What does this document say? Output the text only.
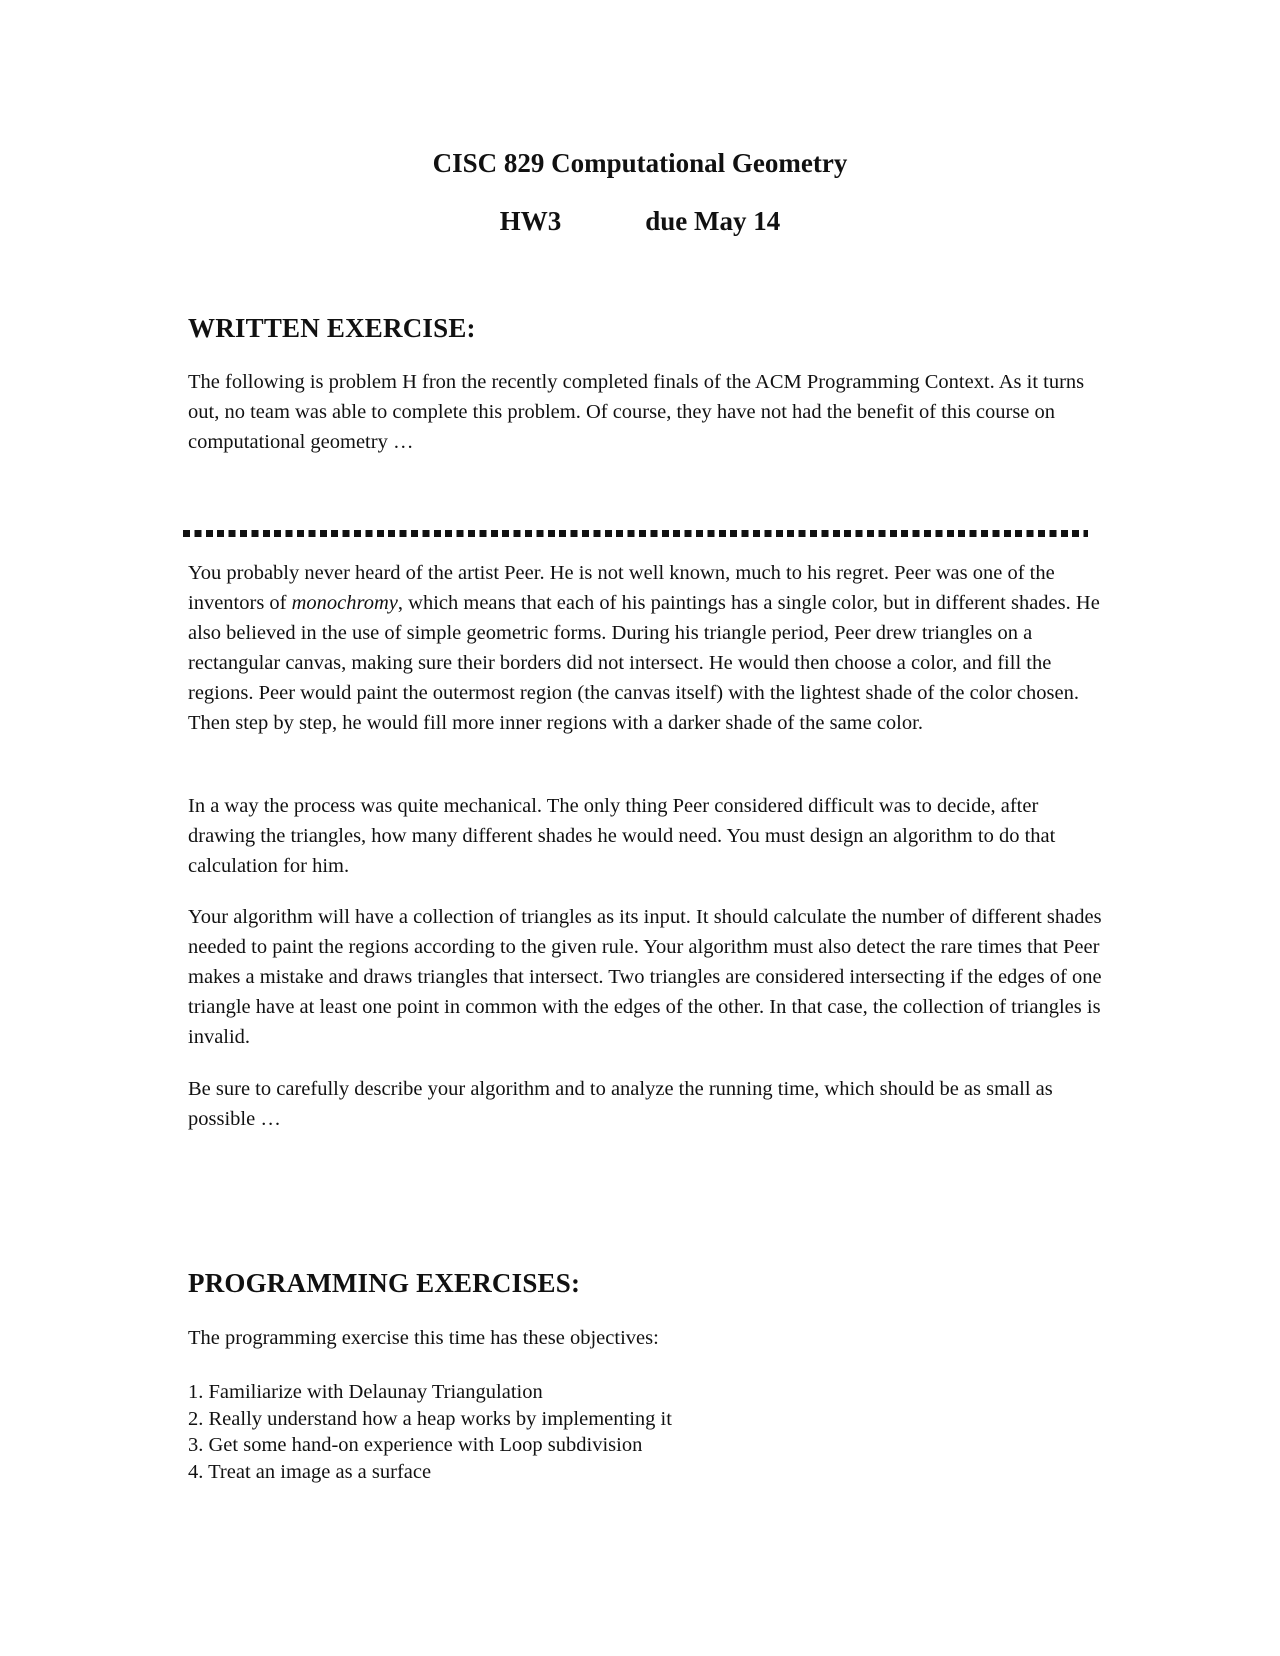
CISC 829 Computational Geometry
HW3	due May 14
WRITTEN EXERCISE:

The following is problem H fron the recently completed finals of the ACM Programming Context. As it turns out, no team was able to complete this problem. Of course, they have not had the benefit of this course on computational geometry …

You probably never heard of the artist Peer. He is not well known, much to his regret. Peer was one of the inventors of monochromy, which means that each of his paintings has a single color, but in different shades. He also believed in the use of simple geometric forms. During his triangle period, Peer drew triangles on a rectangular canvas, making sure their borders did not intersect. He would then choose a color, and fill the regions. Peer would paint the outermost region (the canvas itself) with the lightest shade of the color chosen. Then step by step, he would fill more inner regions with a darker shade of the same color.

In a way the process was quite mechanical. The only thing Peer considered difficult was to decide, after drawing the triangles, how many different shades he would need. You must design an algorithm to do that calculation for him.

Your algorithm will have a collection of triangles as its input. It should calculate the number of different shades needed to paint the regions according to the given rule. Your algorithm must also detect the rare times that Peer makes a mistake and draws triangles that intersect. Two triangles are considered intersecting if the edges of one triangle have at least one point in common with the edges of the other. In that case, the collection of triangles is invalid.

Be sure to carefully describe your algorithm and to analyze the running time, which should be as small as possible …

PROGRAMMING EXERCISES:

The programming exercise this time has these objectives:

1. Familiarize with Delaunay Triangulation
2. Really understand how a heap works by implementing it
3. Get some hand-on experience with Loop subdivision
4. Treat an image as a surface
